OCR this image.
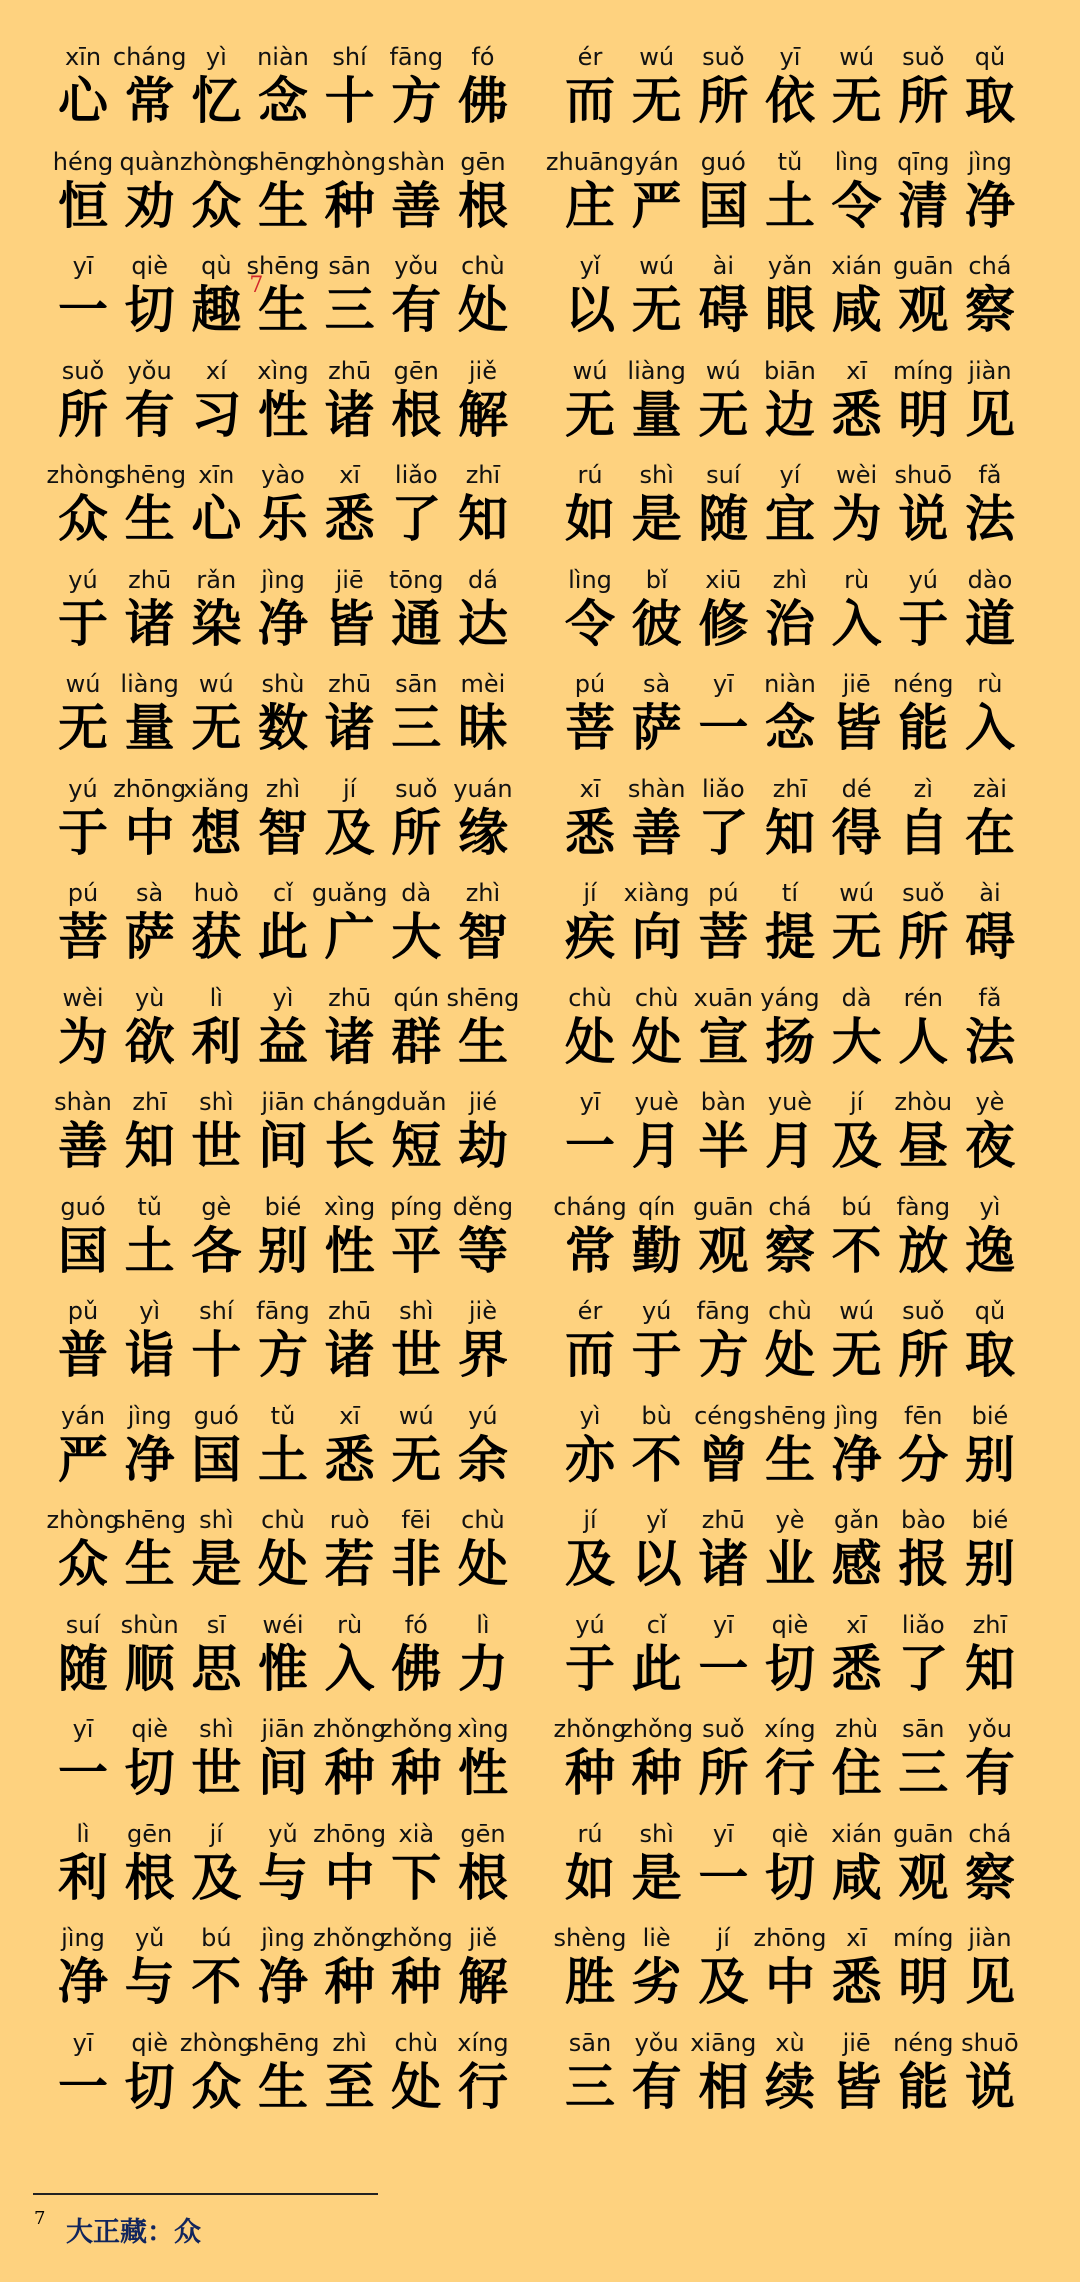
xīn
心
cháng
常
yì
忆
niàn
念
shí
十
fāng
方
fó
佛
héng
恒
quàn
劝
zhòng
众
shēng
生
zhòng
种
shàn
善
gēn
根
yī
一
qiè
切
qù
趣 7
shēng
生
sān
三
yǒu
有
chù
处
suǒ
所
yǒu
有
xí
习
xìng
性
zhū
诸
gēn
根
jiě
解
zhòng
众
shēng
生
xīn
心
yào
乐
xī
悉
liǎo
了
zhī
知
yú
于
zhū
诸
rǎn
染
jìng
净
jiē
皆
tōng
通
dá
达
wú
无
liàng
量
wú
无
shù
数
zhū
诸
sān
三
mèi
昧
yú
于
zhōng
中
xiǎng
想
zhì
智
jí
及
suǒ
所
yuán
缘
pú
菩
sà
萨
huò
获
cǐ
此
guǎng
广
dà
大
zhì
智
wèi
为
yù
欲
lì
利
yì
益
zhū
诸
qún
群
shēng
生
shàn
善
zhī
知
shì
世
jiān
间
cháng
长
duǎn
短
jié
劫
guó
国
tǔ
土
gè
各
bié
别
xìng
性
píng
平
děng
等
pǔ
普
yì
诣
shí
十
fāng
方
zhū
诸
shì
世
jiè
界
yán
严
jìng
净
guó
国
tǔ
土
xī
悉
wú
无
yú
余
zhòng
众
shēng
生
shì
是
chù
处
ruò
若
fēi
非
chù
处
suí
随
shùn
顺
sī
思
wéi
惟
rù
入
fó
佛
lì
力
yī
一
qiè
切
shì
世
jiān
间
zhǒng
种
zhǒng
种
xìng
性
lì
利
gēn
根
jí
及
yǔ
与
zhōng
中
xià
下
gēn
根
jìng
净
yǔ
与
bú
不
jìng
净
zhǒng
种
zhǒng
种
jiě
解
yī
一
qiè
切
zhòng
众
shēng
生
zhì
至
chù
处
xíng
行
ér
而
wú
无
suǒ
所
yī
依
wú
无
suǒ
所
qǔ
取
zhuāng
庄
yán
严
guó
国
tǔ
土
lìng
令
qīng
清
jìng
净
yǐ
以
wú
无
ài
碍
yǎn
眼
xián
咸
guān
观
chá
察
wú
无
liàng
量
wú
无
biān
边
xī
悉
míng
明
jiàn
见
rú
如
shì
是
suí
随
yí
宜
wèi
为
shuō
说
fǎ
法
lìng
令
bǐ
彼
xiū
修
zhì
治
rù
入
yú
于
dào
道
pú
菩
sà
萨
yī
一
niàn
念
jiē
皆
néng
能
rù
入
xī
悉
shàn
善
liǎo
了
zhī
知
dé
得
zì
自
zài
在
jí
疾
xiàng
向
pú
菩
tí
提
wú
无
suǒ
所
ài
碍
chù
处
chù
处
xuān
宣
yáng
扬
dà
大
rén
人
fǎ
法
yī
一
yuè
月
bàn
半
yuè
月
jí
及
zhòu
昼
yè
夜
cháng
常
qín
勤
guān
观
chá
察
bú
不
fàng
放
yì
逸
ér
而
yú
于
fāng
方
chù
处
wú
无
suǒ
所
qǔ
取
yì
亦
bù
不
céng
曾
shēng
生
jìng
净
fēn
分
bié
别
jí
及
yǐ
以
zhū
诸
yè
业
gǎn
感
bào
报
bié
别
yú
于
cǐ
此
yī
一
qiè
切
xī
悉
liǎo
了
zhī
知
zhǒng
种
zhǒng
种
suǒ
所
xíng
行
zhù
住
sān
三
yǒu
有
rú
如
shì
是
yī
一
qiè
切
xián
咸
guān
观
chá
察
shèng
胜
liè
劣
jí
及
zhōng
中
xī
悉
míng
明
jiàn
见
sān
三
yǒu
有
xiāng
相
xù
续
jiē
皆
néng
能
shuō
说
7 大正藏：众
